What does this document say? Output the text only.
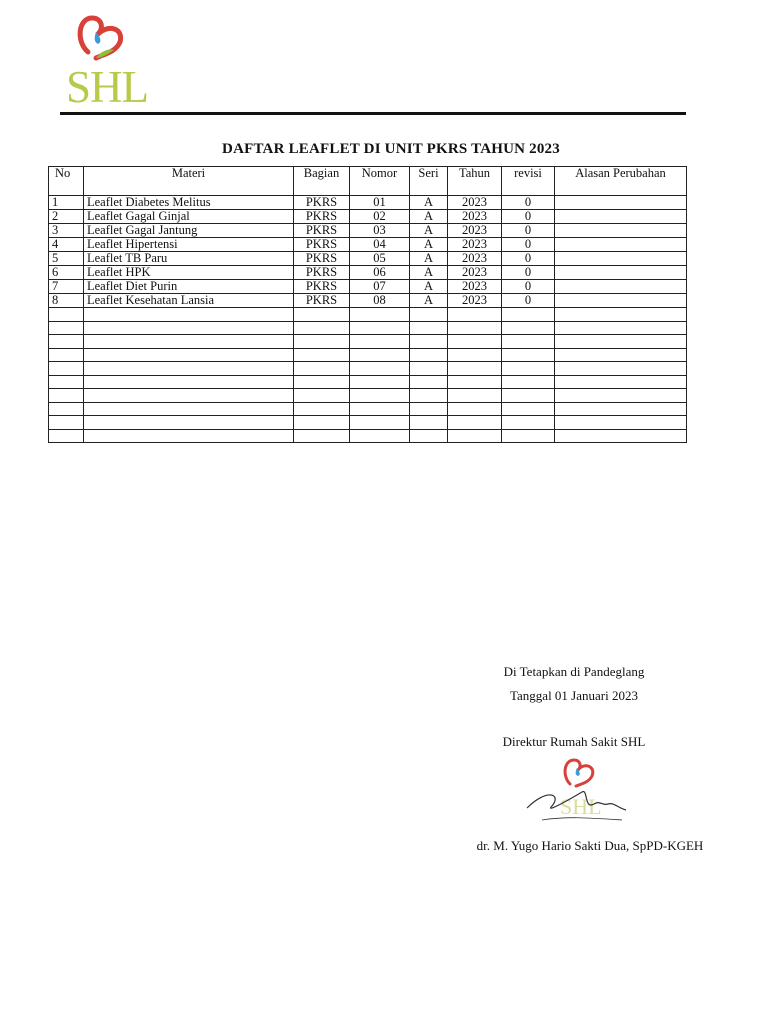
SHL
DAFTAR LEAFLET DI UNIT PKRS TAHUN 2023
No	Materi	Bagian	Nomor	Seri	Tahun	revisi	Alasan Perubahan
1	Leaflet Diabetes Melitus	PKRS	01	A	2023	0	
2	Leaflet Gagal Ginjal	PKRS	02	A	2023	0	
3	Leaflet Gagal Jantung	PKRS	03	A	2023	0	
4	Leaflet Hipertensi	PKRS	04	A	2023	0	
5	Leaflet TB Paru	PKRS	05	A	2023	0	
6	Leaflet HPK	PKRS	06	A	2023	0	
7	Leaflet Diet Purin	PKRS	07	A	2023	0	
8	Leaflet Kesehatan Lansia	PKRS	08	A	2023	0	

Di Tetapkan di Pandeglang
Tanggal 01 Januari 2023
Direktur Rumah Sakit SHL
SHL
dr. M. Yugo Hario Sakti Dua, SpPD-KGEH
